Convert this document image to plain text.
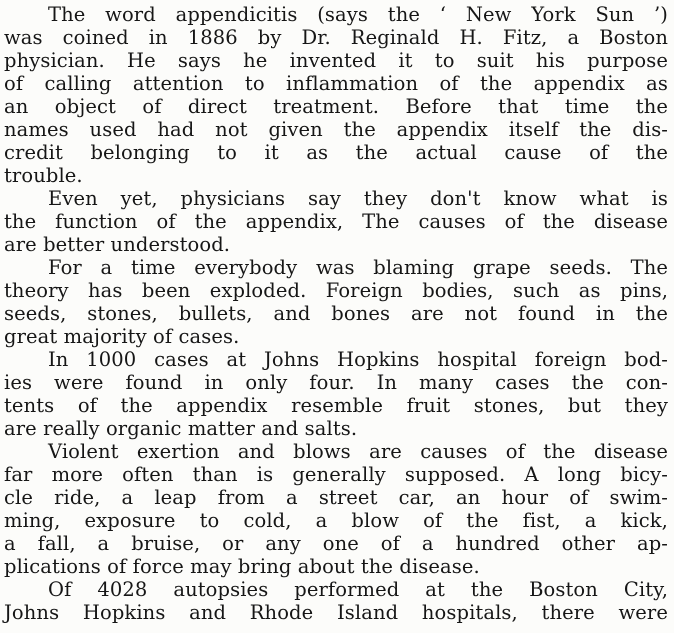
The word appendicitis (says the ‘ New York Sun ’)
was coined in 1886 by Dr. Reginald H. Fitz, a Boston
physician. He says he invented it to suit his purpose
of calling attention to inflammation of the appendix as
an object of direct treatment. Before that time the
names used had not given the appendix itself the dis-
credit belonging to it as the actual cause of the
trouble.
Even yet, physicians say they don't know what is
the function of the appendix, The causes of the disease
are better understood.
For a time everybody was blaming grape seeds. The
theory has been exploded. Foreign bodies, such as pins,
seeds, stones, bullets, and bones are not found in the
great majority of cases.
In 1000 cases at Johns Hopkins hospital foreign bod-
ies were found in only four. In many cases the con-
tents of the appendix resemble fruit stones, but they
are really organic matter and salts.
Violent exertion and blows are causes of the disease
far more often than is generally supposed. A long bicy-
cle ride, a leap from a street car, an hour of swim-
ming, exposure to cold, a blow of the fist, a kick,
a fall, a bruise, or any one of a hundred other ap-
plications of force may bring about the disease.
Of 4028 autopsies performed at the Boston City,
Johns Hopkins and Rhode Island hospitals, there were
